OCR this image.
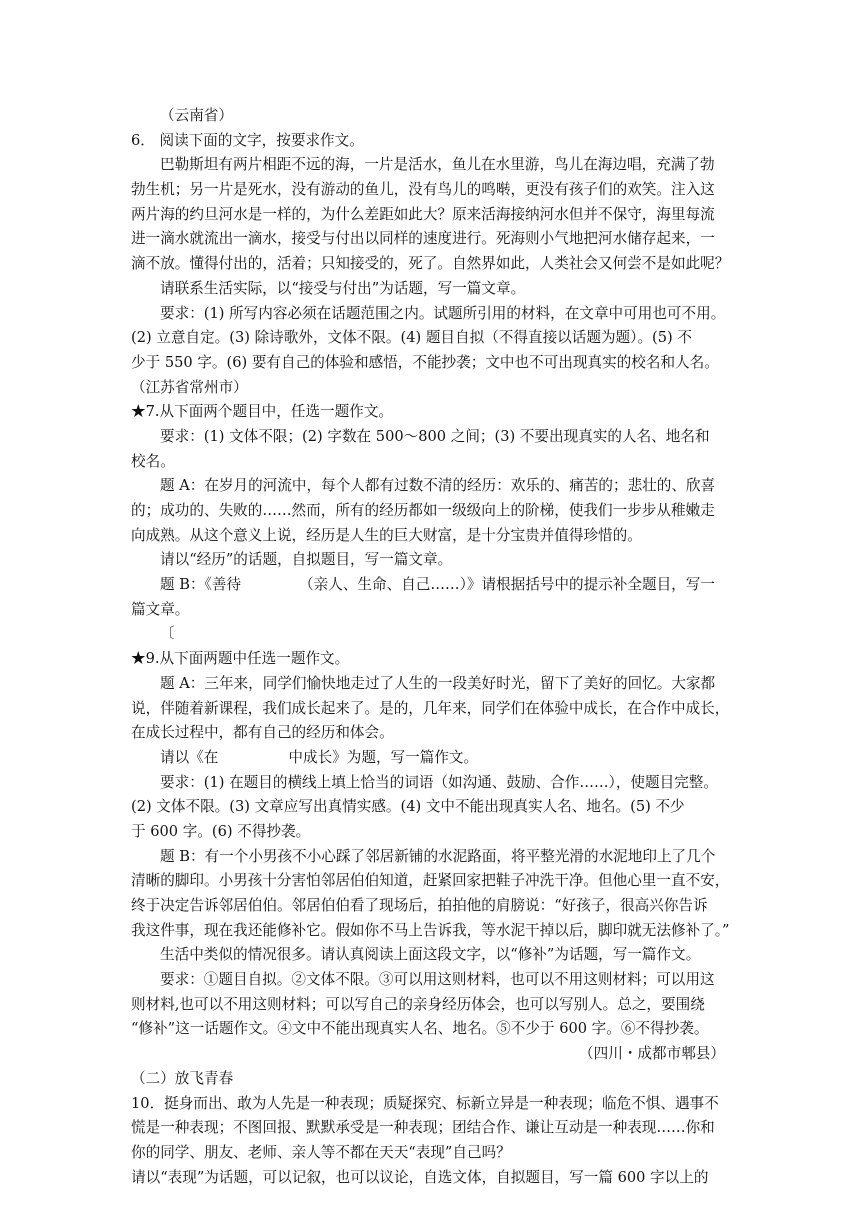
（云南省）
6． 阅读下面的文字，按要求作文。
巴勒斯坦有两片相距不远的海，一片是活水，鱼儿在水里游，鸟儿在海边唱，充满了勃
勃生机；另一片是死水，没有游动的鱼儿，没有鸟儿的鸣啭，更没有孩子们的欢笑。注入这
两片海的约旦河水是一样的，为什么差距如此大？原来活海接纳河水但并不保守，海里每流
进一滴水就流出一滴水，接受与付出以同样的速度进行。死海则小气地把河水储存起来，一
滴不放。懂得付出的，活着；只知接受的，死了。自然界如此，人类社会又何尝不是如此呢？
请联系生活实际，以“接受与付出”为话题，写一篇文章。
要求：(1) 所写内容必须在话题范围之内。试题所引用的材料，在文章中可用也可不用。
(2) 立意自定。(3) 除诗歌外，文体不限。(4) 题目自拟（不得直接以话题为题）。(5) 不
少于 550 字。(6) 要有自己的体验和感悟，不能抄袭；文中也不可出现真实的校名和人名。
（江苏省常州市）
★7.从下面两个题目中，任选一题作文。
要求：(1) 文体不限；(2) 字数在 500～800 之间；(3) 不要出现真实的人名、地名和
校名。
题 A：在岁月的河流中，每个人都有过数不清的经历：欢乐的、痛苦的；悲壮的、欣喜
的；成功的、失败的……然而，所有的经历都如一级级向上的阶梯，使我们一步步从稚嫩走
向成熟。从这个意义上说，经历是人生的巨大财富，是十分宝贵并值得珍惜的。
请以“经历”的话题，自拟题目，写一篇文章。
题 B：《善待	（亲人、生命、自己……）》请根据括号中的提示补全题目，写一
篇文章。
〔
★9.从下面两题中任选一题作文。
题 A：三年来，同学们愉快地走过了人生的一段美好时光，留下了美好的回忆。大家都
说，伴随着新课程，我们成长起来了。是的，几年来，同学们在体验中成长，在合作中成长，
在成长过程中，都有自己的经历和体会。
请以《在	中成长》为题，写一篇作文。
要求：(1) 在题目的横线上填上恰当的词语（如沟通、鼓励、合作……），使题目完整。
(2) 文体不限。(3) 文章应写出真情实感。(4) 文中不能出现真实人名、地名。(5) 不少
于 600 字。(6) 不得抄袭。
题 B：有一个小男孩不小心踩了邻居新铺的水泥路面，将平整光滑的水泥地印上了几个
清晰的脚印。小男孩十分害怕邻居伯伯知道，赶紧回家把鞋子冲洗干净。但他心里一直不安，
终于决定告诉邻居伯伯。邻居伯伯看了现场后，拍拍他的肩膀说：“好孩子，很高兴你告诉
我这件事，现在我还能修补它。假如你不马上告诉我，等水泥干掉以后，脚印就无法修补了。”
生活中类似的情况很多。请认真阅读上面这段文字，以“修补”为话题，写一篇作文。
要求：①题目自拟。②文体不限。③可以用这则材料，也可以不用这则材料；可以用这
则材料,也可以不用这则材料；可以写自己的亲身经历体会，也可以写别人。总之，要围绕
“修补”这一话题作文。④文中不能出现真实人名、地名。⑤不少于 600 字。⑥不得抄袭。
（四川・成都市郫县）
（二）放飞青春
10．挺身而出、敢为人先是一种表现；质疑探究、标新立异是一种表现；临危不惧、遇事不
慌是一种表现；不图回报、默默承受是一种表现；团结合作、谦让互动是一种表现……你和
你的同学、朋友、老师、亲人等不都在天天“表现”自己吗？
请以“表现”为话题，可以记叙，也可以议论，自选文体，自拟题目，写一篇 600 字以上的
